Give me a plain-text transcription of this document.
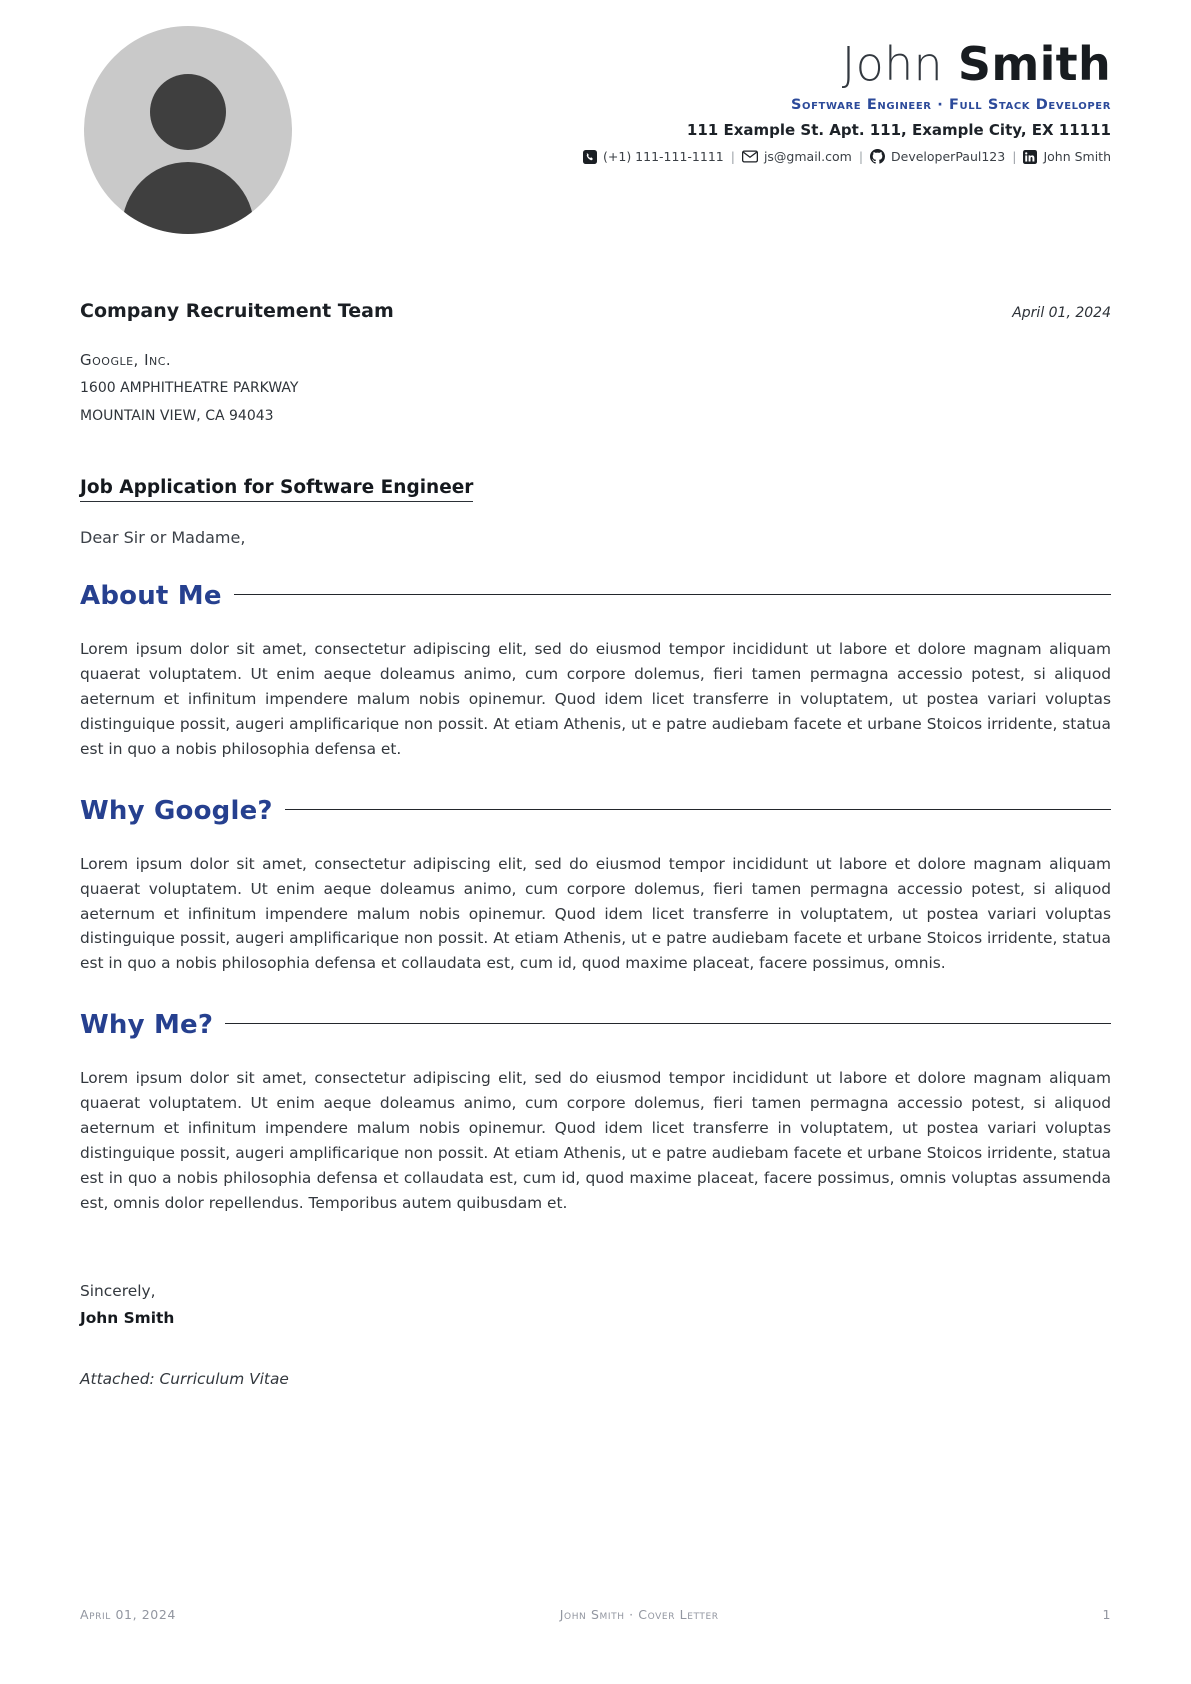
John Smith
Software Engineer · Full Stack Developer
111 Example St. Apt. 111, Example City, EX 11111
(+1) 111-111-1111 | js@gmail.com | DeveloperPaul123 | John Smith
Company Recruitement Team	April 01, 2024
Google, Inc.
1600 AMPHITHEATRE PARKWAY
MOUNTAIN VIEW, CA 94043
Job Application for Software Engineer
Dear Sir or Madame,
About Me

Lorem ipsum dolor sit amet, consectetur adipiscing elit, sed do eiusmod tempor incididunt ut labore et dolore magnam aliquam quaerat voluptatem. Ut enim aeque doleamus animo, cum corpore dolemus, fieri tamen permagna accessio potest, si aliquod aeternum et infinitum impendere malum nobis opinemur. Quod idem licet transferre in voluptatem, ut postea variari voluptas distinguique possit, augeri amplificarique non possit. At etiam Athenis, ut e patre audiebam facete et urbane Stoicos irridente, statua est in quo a nobis philosophia defensa et.

Why Google?

Lorem ipsum dolor sit amet, consectetur adipiscing elit, sed do eiusmod tempor incididunt ut labore et dolore magnam aliquam quaerat voluptatem. Ut enim aeque doleamus animo, cum corpore dolemus, fieri tamen permagna accessio potest, si aliquod aeternum et infinitum impendere malum nobis opinemur. Quod idem licet transferre in voluptatem, ut postea variari voluptas distinguique possit, augeri amplificarique non possit. At etiam Athenis, ut e patre audiebam facete et urbane Stoicos irridente, statua est in quo a nobis philosophia defensa et collaudata est, cum id, quod maxime placeat, facere possimus, omnis.

Why Me?

Lorem ipsum dolor sit amet, consectetur adipiscing elit, sed do eiusmod tempor incididunt ut labore et dolore magnam aliquam quaerat voluptatem. Ut enim aeque doleamus animo, cum corpore dolemus, fieri tamen permagna accessio potest, si aliquod aeternum et infinitum impendere malum nobis opinemur. Quod idem licet transferre in voluptatem, ut postea variari voluptas distinguique possit, augeri amplificarique non possit. At etiam Athenis, ut e patre audiebam facete et urbane Stoicos irridente, statua est in quo a nobis philosophia defensa et collaudata est, cum id, quod maxime placeat, facere possimus, omnis voluptas assumenda est, omnis dolor repellendus. Temporibus autem quibusdam et.

Sincerely,
John Smith
Attached: Curriculum Vitae
April 01, 2024	John Smith · Cover Letter	1
